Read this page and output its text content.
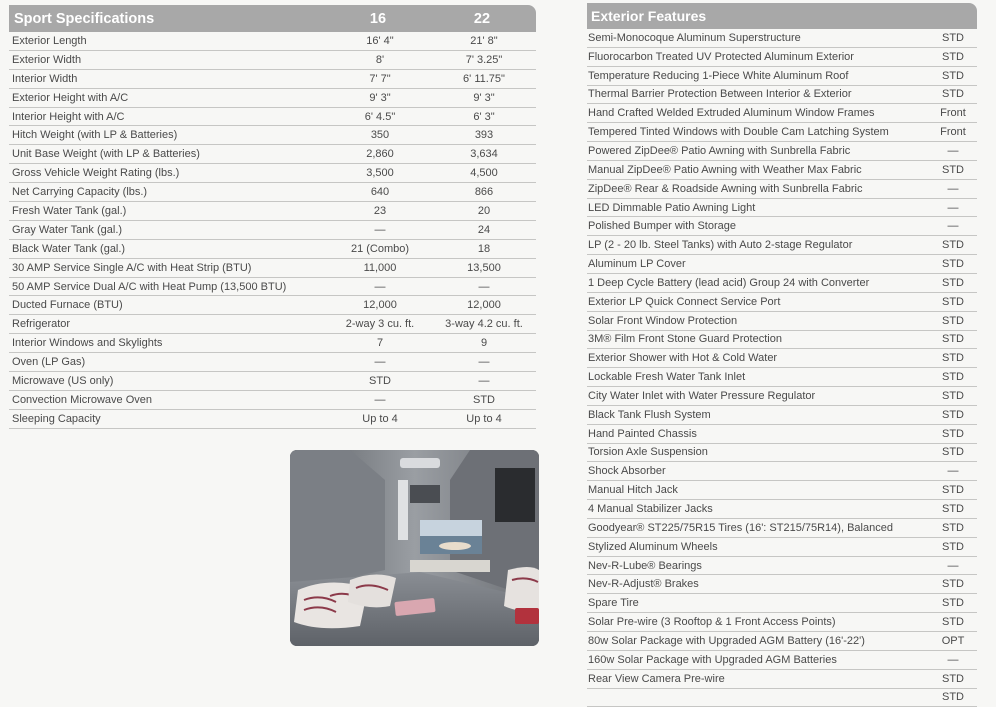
Sport Specifications	16	22
Exterior Length	16' 4"	21' 8"
Exterior Width	8'	7' 3.25"
Interior Width	7' 7"	6' 11.75"
Exterior Height with A/C	9' 3"	9' 3"
Interior Height with A/C	6' 4.5"	6' 3"
Hitch Weight (with LP & Batteries)	350	393
Unit Base Weight (with LP & Batteries)	2,860	3,634
Gross Vehicle Weight Rating (lbs.)	3,500	4,500
Net Carrying Capacity (lbs.)	640	866
Fresh Water Tank (gal.)	23	20
Gray Water Tank (gal.)	—	24
Black Water Tank (gal.)	21 (Combo)	18
30 AMP Service Single A/C with Heat Strip (BTU)	11,000	13,500
50 AMP Service Dual A/C with Heat Pump (13,500 BTU)	—	—
Ducted Furnace (BTU)	12,000	12,000
Refrigerator	2-way 3 cu. ft.	3-way 4.2 cu. ft.
Interior Windows and Skylights	7	9
Oven (LP Gas)	—	—
Microwave (US only)	STD	—
Convection Microwave Oven	—	STD
Sleeping Capacity	Up to 4	Up to 4
Exterior Features
Semi-Monocoque Aluminum Superstructure	STD
Fluorocarbon Treated UV Protected Aluminum Exterior	STD
Temperature Reducing 1-Piece White Aluminum Roof	STD
Thermal Barrier Protection Between Interior & Exterior	STD
Hand Crafted Welded Extruded Aluminum Window Frames	Front
Tempered Tinted Windows with Double Cam Latching System	Front
Powered ZipDee® Patio Awning with Sunbrella Fabric	—
Manual ZipDee® Patio Awning with Weather Max Fabric	STD
ZipDee® Rear & Roadside Awning with Sunbrella Fabric	—
LED Dimmable Patio Awning Light	—
Polished Bumper with Storage	—
LP (2 - 20 lb. Steel Tanks) with Auto 2-stage Regulator	STD
Aluminum LP Cover	STD
1 Deep Cycle Battery (lead acid) Group 24 with Converter	STD
Exterior LP Quick Connect Service Port	STD
Solar Front Window Protection	STD
3M® Film Front Stone Guard Protection	STD
Exterior Shower with Hot & Cold Water	STD
Lockable Fresh Water Tank Inlet	STD
City Water Inlet with Water Pressure Regulator	STD
Black Tank Flush System	STD
Hand Painted Chassis	STD
Torsion Axle Suspension	STD
Shock Absorber	—
Manual Hitch Jack	STD
4 Manual Stabilizer Jacks	STD
Goodyear® ST225/75R15 Tires (16': ST215/75R14), Balanced	STD
Stylized Aluminum Wheels	STD
Nev-R-Lube® Bearings	—
Nev-R-Adjust® Brakes	STD
Spare Tire	STD
Solar Pre-wire (3 Rooftop & 1 Front Access Points)	STD
80w Solar Package with Upgraded AGM Battery (16'-22')	OPT
160w Solar Package with Upgraded AGM Batteries	—
Rear View Camera Pre-wire	STD
STD
